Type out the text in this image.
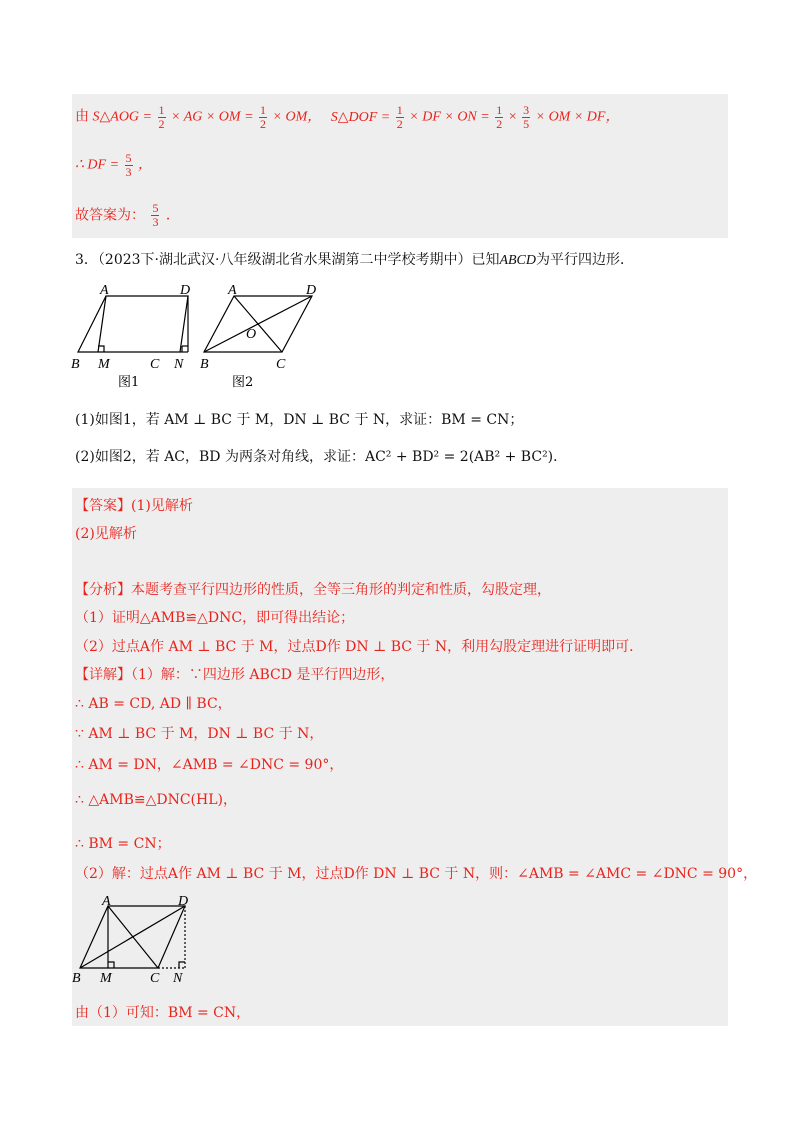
由 S△AOG = $\frac{1}{2}$ × AG × OM = $\frac{1}{2}$ × OM， S△DOF = $\frac{1}{2}$ × DF × ON = $\frac{1}{2} \times \frac{3}{5}$ × OM × DF，
∴ DF = $\frac{5}{3}$ ，
故答案为： $\frac{5}{3}$ ．
3．（2023下·湖北武汉·八年级湖北省水果湖第二中学校考期中）已知ABCD为平行四边形．
A	D
B M	C N
图1
A	D
O
B	C
图2
(1)如图1，若 AM ⊥ BC 于 M，DN ⊥ BC 于 N，求证：BM = CN；
(2)如图2，若 AC，BD 为两条对角线，求证：AC² + BD² = 2(AB² + BC²)．
【答案】(1)见解析
(2)见解析
【分析】本题考查平行四边形的性质，全等三角形的判定和性质，勾股定理，
（1）证明△AMB≌△DNC，即可得出结论；
（2）过点A作 AM ⊥ BC 于 M，过点D作 DN ⊥ BC 于 N，利用勾股定理进行证明即可．
【详解】（1）解：∵四边形 ABCD 是平行四边形，
∴ AB = CD, AD ∥ BC，
∵ AM ⊥ BC 于 M，DN ⊥ BC 于 N，
∴ AM = DN，∠AMB = ∠DNC = 90°，
∴ △AMB≌△DNC(HL)，
∴ BM = CN；
（2）解：过点A作 AM ⊥ BC 于 M，过点D作 DN ⊥ BC 于 N，则：∠AMB = ∠AMC = ∠DNC = 90°，
A	D
B M	C N
由（1）可知：BM = CN，
